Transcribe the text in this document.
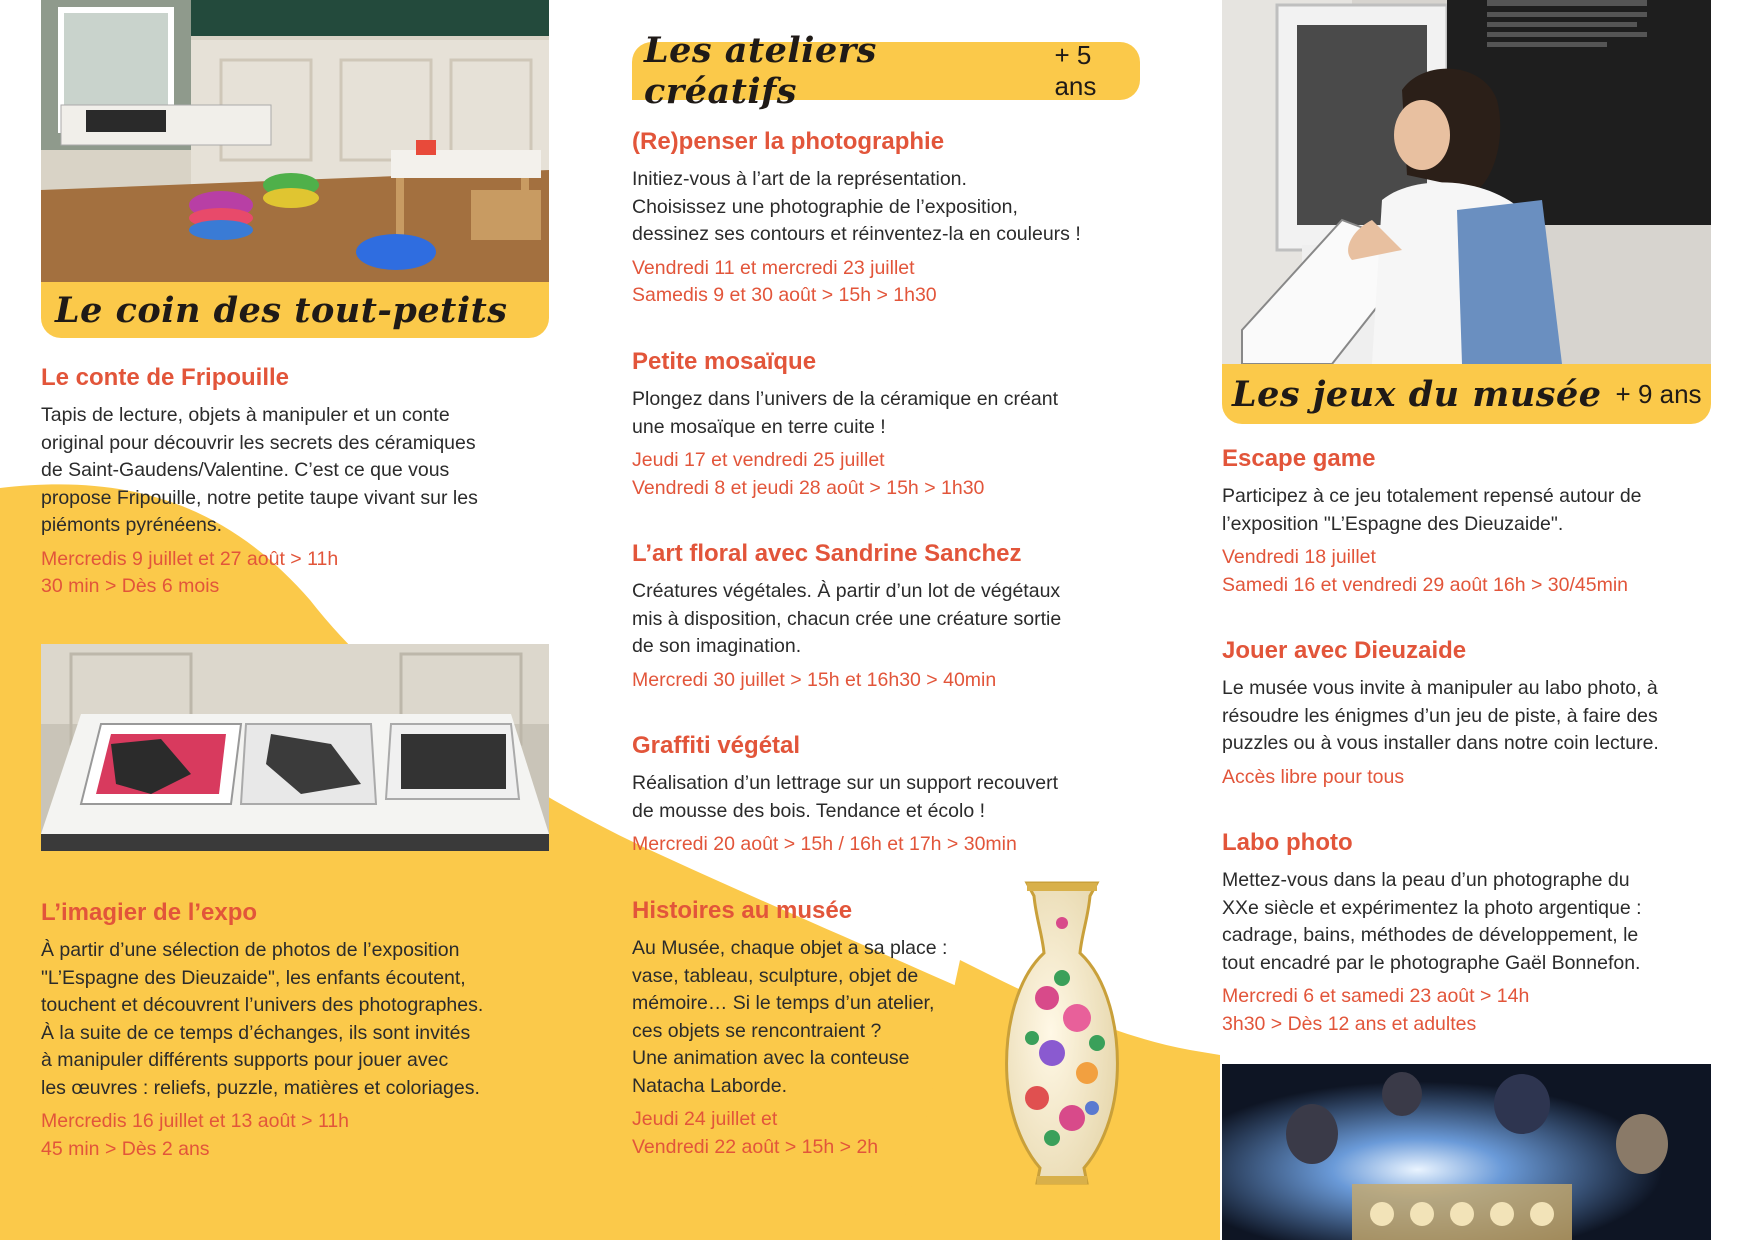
Le coin des tout-petits
Le conte de Fripouille

Tapis de lecture, objets à manipuler et un conte
original pour découvrir les secrets des céramiques
de Saint-Gaudens/Valentine. C’est ce que vous
propose Fripouille, notre petite taupe vivant sur les
piémonts pyrénéens.

Mercredis 9 juillet et 27 août > 11h
30 min > Dès 6 mois

L’imagier de l’expo

À partir d’une sélection de photos de l’exposition
"L’Espagne des Dieuzaide", les enfants écoutent,
touchent et découvrent l’univers des photographes.
À la suite de ce temps d’échanges, ils sont invités
à manipuler différents supports pour jouer avec
les œuvres : reliefs, puzzle, matières et coloriages.

Mercredis 16 juillet et 13 août > 11h
45 min > Dès 2 ans

Les ateliers créatifs
+ 5 ans
(Re)penser la photographie

Initiez-vous à l’art de la représentation.
Choisissez une photographie de l’exposition,
dessinez ses contours et réinventez-la en couleurs !

Vendredi 11 et mercredi 23 juillet
Samedis 9 et 30 août > 15h > 1h30

Petite mosaïque

Plongez dans l’univers de la céramique en créant
une mosaïque en terre cuite !

Jeudi 17 et vendredi 25 juillet
Vendredi 8 et jeudi 28 août > 15h > 1h30

L’art floral avec Sandrine Sanchez

Créatures végétales. À partir d’un lot de végétaux
mis à disposition, chacun crée une créature sortie
de son imagination.

Mercredi 30 juillet > 15h et 16h30 > 40min

Graffiti végétal

Réalisation d’un lettrage sur un support recouvert
de mousse des bois. Tendance et écolo !

Mercredi 20 août > 15h / 16h et 17h > 30min

Histoires au musée

Au Musée, chaque objet a sa place :
vase, tableau, sculpture, objet de
mémoire… Si le temps d’un atelier,
ces objets se rencontraient ?
Une animation avec la conteuse
Natacha Laborde.

Jeudi 24 juillet et
Vendredi 22 août > 15h > 2h

Les jeux du musée + 9 ans
Escape game

Participez à ce jeu totalement repensé autour de
l’exposition "L’Espagne des Dieuzaide".

Vendredi 18 juillet
Samedi 16 et vendredi 29 août 16h > 30/45min

Jouer avec Dieuzaide

Le musée vous invite à manipuler au labo photo, à
résoudre les énigmes d’un jeu de piste, à faire des
puzzles ou à vous installer dans notre coin lecture.

Accès libre pour tous

Labo photo

Mettez-vous dans la peau d’un photographe du
XXe siècle et expérimentez la photo argentique :
cadrage, bains, méthodes de développement, le
tout encadré par le photographe Gaël Bonnefon.

Mercredi 6 et samedi 23 août > 14h
3h30 > Dès 12 ans et adultes
